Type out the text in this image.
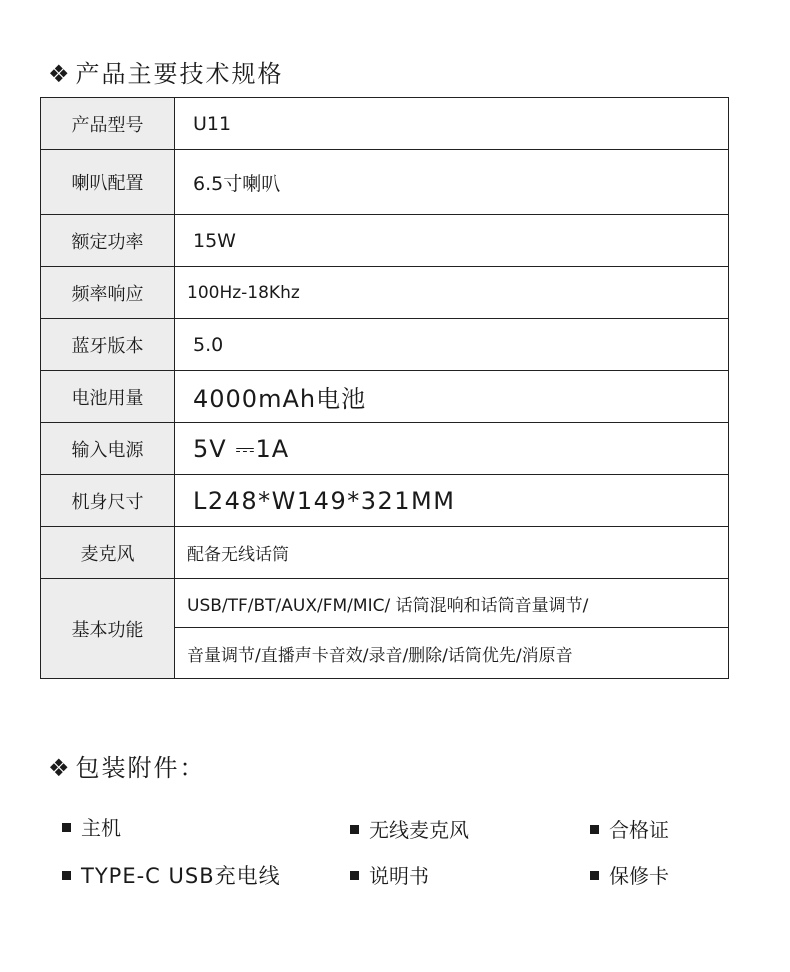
❖ 产品主要技术规格
产品型号	U11
喇叭配置	6.5寸喇叭
额定功率	15W
频率响应	100Hz-18Khz
蓝牙版本	5.0
电池用量	4000mAh电池
输入电源	5V ⎓1A
机身尺寸	L248*W149*321MM
麦克风	配备无线话筒
基本功能	USB/TF/BT/AUX/FM/MIC/ 话筒混响和话筒音量调节/
	音量调节/直播声卡音效/录音/删除/话筒优先/消原音
❖ 包装附件：
主机	无线麦克风	合格证
TYPE-C USB充电线	说明书	保修卡
